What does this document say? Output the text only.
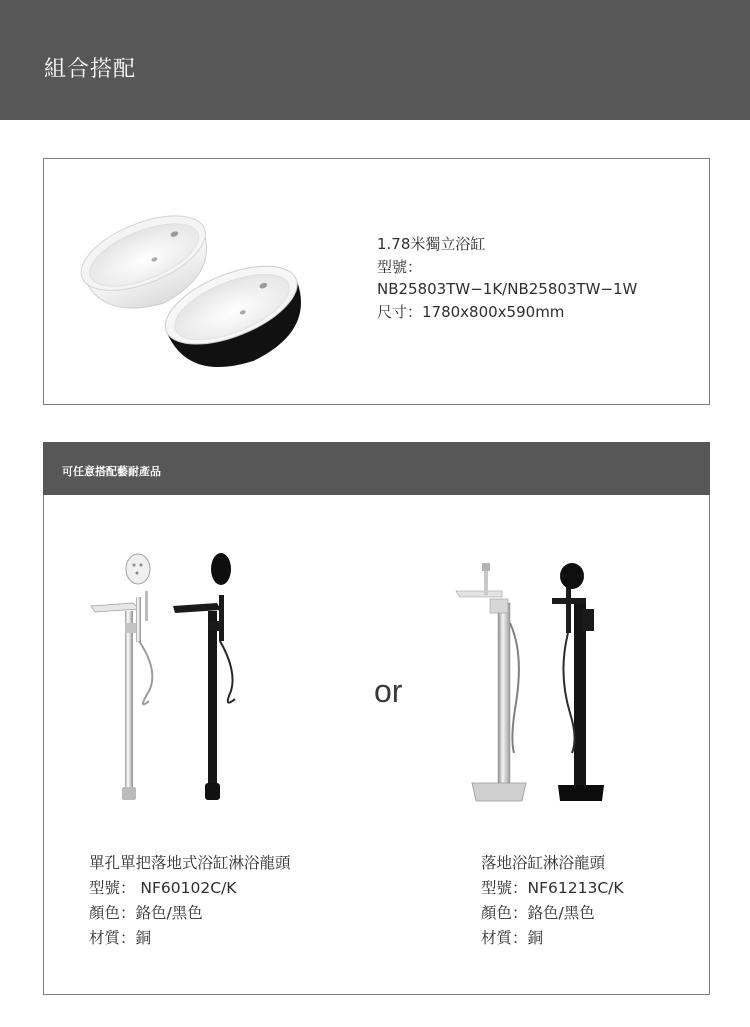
組合搭配
1.78米獨立浴缸
型號：
NB25803TW−1K/NB25803TW−1W
尺寸：1780x800x590mm
可任意搭配藝耐產品
or
單孔單把落地式浴缸淋浴龍頭
型號： NF60102C/K
顏色：鉻色/黑色
材質：銅
落地浴缸淋浴龍頭
型號：NF61213C/K
顏色：鉻色/黑色
材質：銅
